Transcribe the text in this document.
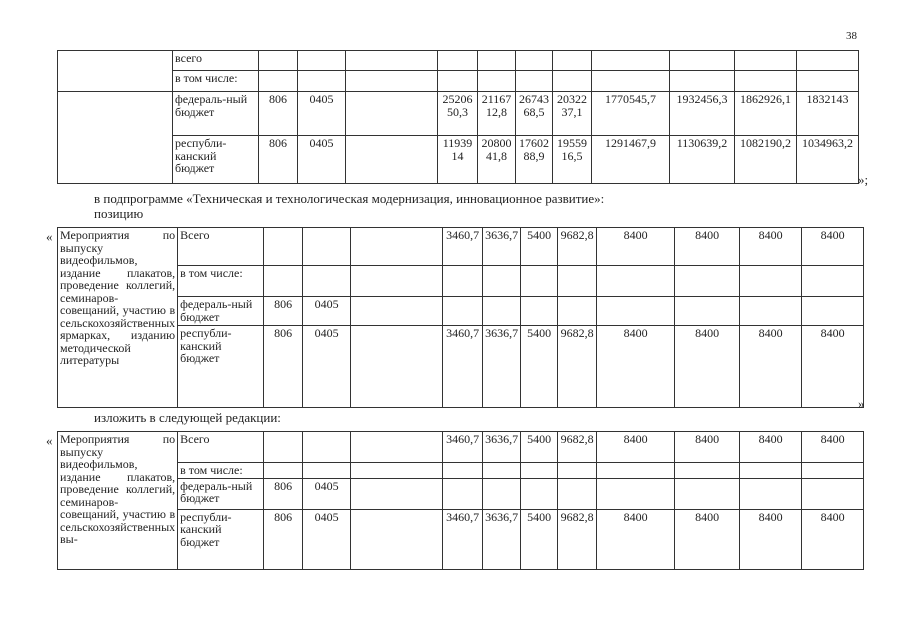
38
	всего											
	в том числе:											
	федераль-ный бюджет	806	0405		2520650,3	2116712,8	2674368,5	2032237,1	1770545,7	1932456,3	1862926,1	1832143
	республи-канский бюджет	806	0405		1193914	2080041,8	1760288,9	1955916,5	1291467,9	1130639,2	1082190,2	1034963,2
»;
в подпрограмме «Техническая и технологическая модернизация, инновационное развитие»:
позицию
« Мероприятия по выпуску видеофильмов, издание плакатов, проведение коллегий, семинаров-совещаний, участию в сельскохозяйственных ярмарках, изданию методической литературы	Всего				3460,7	3636,7	5400	9682,8	8400	8400	8400	8400
	в том числе:											
	федераль-ный бюджет	806	0405									
	республи-канский бюджет	806	0405		3460,7	3636,7	5400	9682,8	8400	8400	8400	8400
»
изложить в следующей редакции:
« Мероприятия по выпуску видеофильмов, издание плакатов, проведение коллегий, семинаров-совещаний, участию в сельскохозяйственных вы-	Всего				3460,7	3636,7	5400	9682,8	8400	8400	8400	8400
	в том числе:											
	федераль-ный бюджет	806	0405									
	республи-канский бюджет	806	0405		3460,7	3636,7	5400	9682,8	8400	8400	8400	8400
